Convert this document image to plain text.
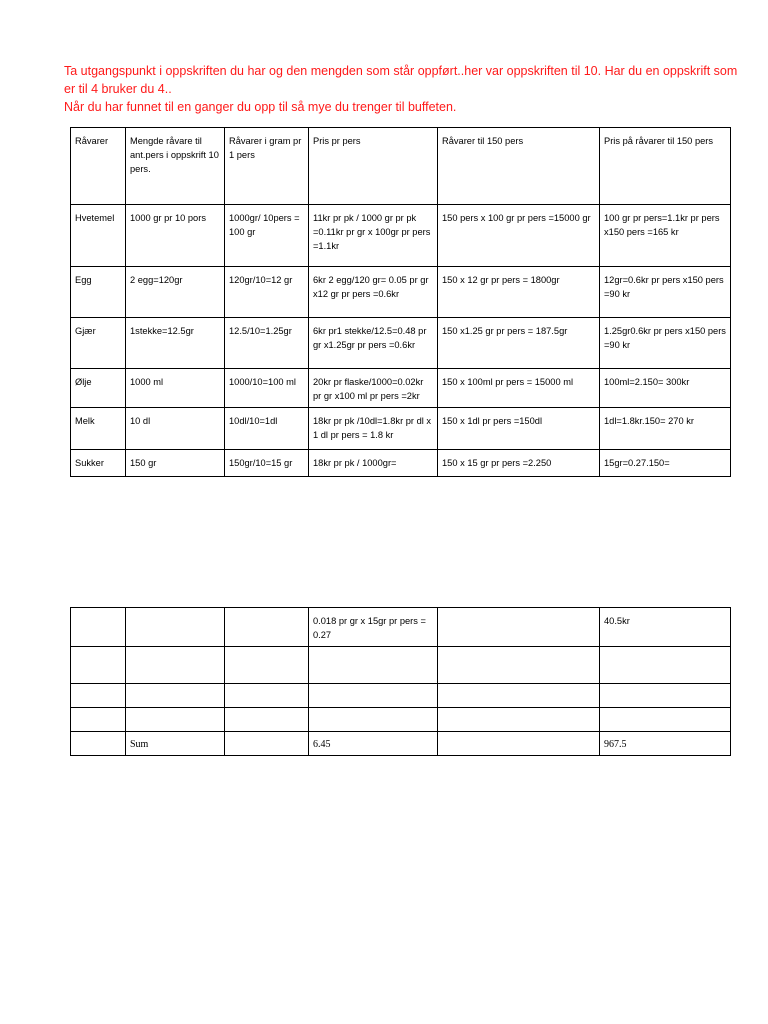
Ta utgangspunkt i oppskriften du har og den mengden som står oppført..her var oppskriften til 10. Har du en oppskrift som er til 4 bruker du 4..

Når du har funnet til en ganger du opp til så mye du trenger til buffeten.

Råvarer	Mengde råvare til ant.pers i oppskrift 10 pers.	Råvarer i gram pr 1 pers	Pris pr pers	Råvarer til 150 pers	Pris på råvarer til 150 pers
Hvetemel	1000 gr pr 10 pors	1000gr/ 10pers = 100 gr	11kr pr pk / 1000 gr pr pk =0.11kr pr gr x 100gr pr pers =1.1kr	150 pers x 100 gr pr pers =15000 gr	100 gr pr pers=1.1kr pr pers x150 pers =165 kr
Egg	2 egg=120gr	120gr/10=12 gr	6kr 2 egg/120 gr= 0.05 pr gr x12 gr pr pers =0.6kr	150 x 12 gr pr pers = 1800gr	12gr=0.6kr pr pers x150 pers =90 kr
Gjær	1stekke=12.5gr	12.5/10=1.25gr	6kr pr1 stekke/12.5=0.48 pr gr x1.25gr pr pers =0.6kr	150 x1.25 gr pr pers = 187.5gr	1.25gr0.6kr pr pers x150 pers =90 kr
Ølje	1000 ml	1000/10=100 ml	20kr pr flaske/1000=0.02kr pr gr x100 ml pr pers =2kr	150 x 100ml pr pers = 15000 ml	100ml=2.150= 300kr
Melk	10 dl	10dl/10=1dl	18kr pr pk /10dl=1.8kr pr dl x 1 dl pr pers = 1.8 kr	150 x 1dl pr pers =150dl	1dl=1.8kr.150= 270 kr
Sukker	150 gr	150gr/10=15 gr	18kr pr pk / 1000gr=	150 x 15 gr pr pers =2.250	15gr=0.27.150=
			0.018 pr gr x 15gr pr pers = 0.27		40.5kr

	Sum		6.45		967.5
